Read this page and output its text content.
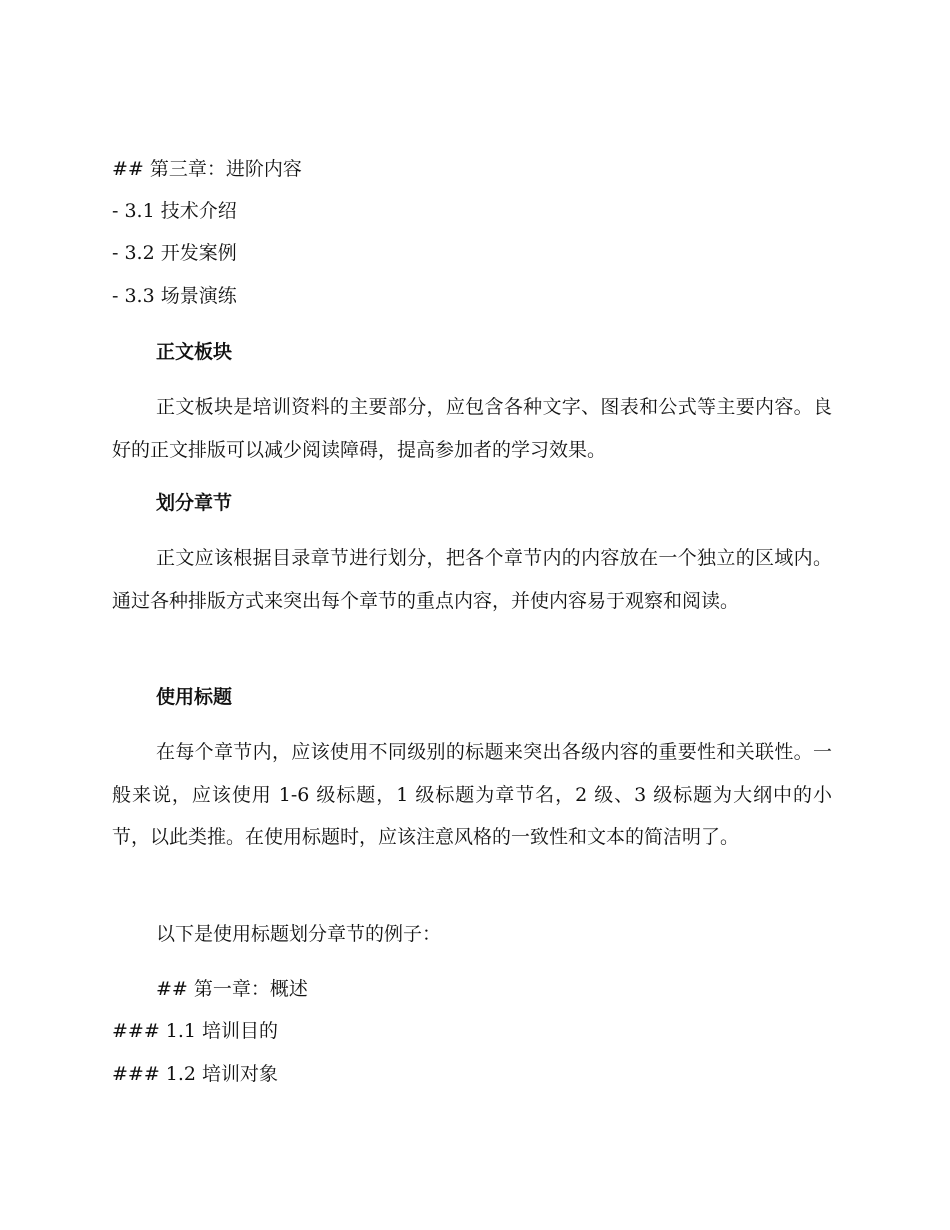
## 第三章：进阶内容
- 3.1 技术介绍
- 3.2 开发案例
- 3.3 场景演练
正文板块
正文板块是培训资料的主要部分，应包含各种文字、图表和公式等主要内容。良好的正文排版可以减少阅读障碍，提高参加者的学习效果。
划分章节
正文应该根据目录章节进行划分，把各个章节内的内容放在一个独立的区域内。通过各种排版方式来突出每个章节的重点内容，并使内容易于观察和阅读。
使用标题
在每个章节内，应该使用不同级别的标题来突出各级内容的重要性和关联性。一般来说，应该使用 1-6 级标题，1 级标题为章节名，2 级、3 级标题为大纲中的小节，以此类推。在使用标题时，应该注意风格的一致性和文本的简洁明了。
以下是使用标题划分章节的例子：
## 第一章：概述
### 1.1 培训目的
### 1.2 培训对象
